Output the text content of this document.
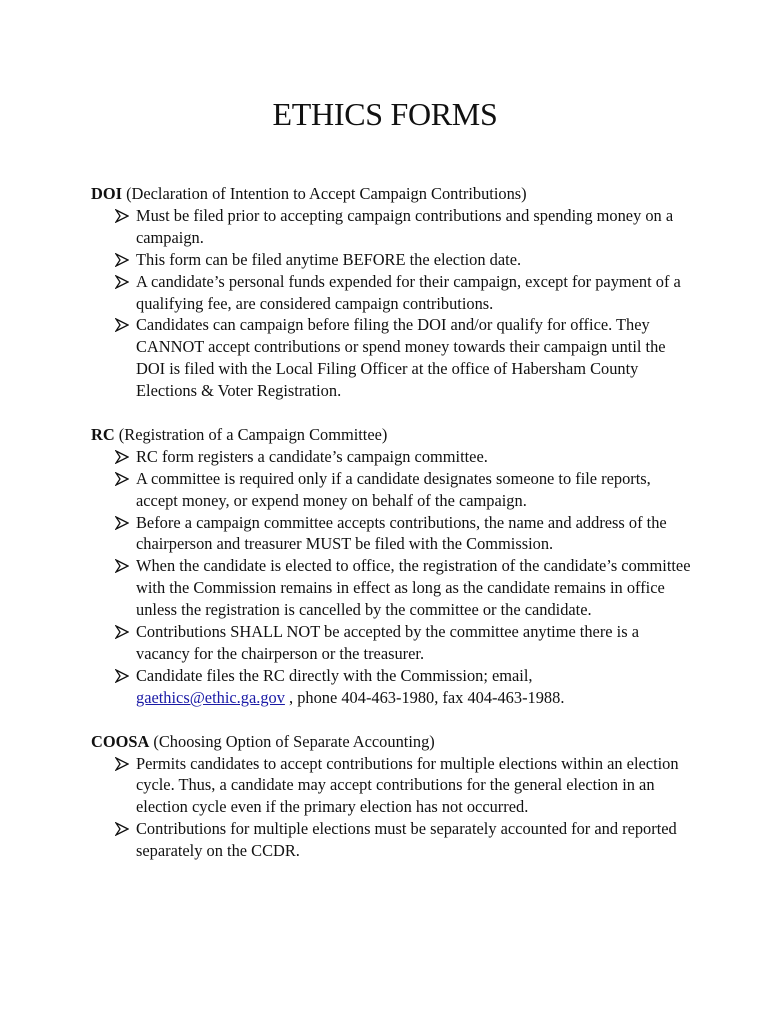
ETHICS FORMS

DOI (Declaration of Intention to Accept Campaign Contributions)

Must be filed prior to accepting campaign contributions and spending money on a campaign.
This form can be filed anytime BEFORE the election date.
A candidate’s personal funds expended for their campaign, except for payment of a qualifying fee, are considered campaign contributions.
Candidates can campaign before filing the DOI and/or qualify for office. They CANNOT accept contributions or spend money towards their campaign until the DOI is filed with the Local Filing Officer at the office of Habersham County Elections & Voter Registration.

RC (Registration of a Campaign Committee)

RC form registers a candidate’s campaign committee.
A committee is required only if a candidate designates someone to file reports, accept money, or expend money on behalf of the campaign.
Before a campaign committee accepts contributions, the name and address of the chairperson and treasurer MUST be filed with the Commission.
When the candidate is elected to office, the registration of the candidate’s committee with the Commission remains in effect as long as the candidate remains in office unless the registration is cancelled by the committee or the candidate.
Contributions SHALL NOT be accepted by the committee anytime there is a vacancy for the chairperson or the treasurer.
Candidate files the RC directly with the Commission; email,
gaethics@ethic.ga.gov , phone 404-463-1980, fax 404-463-1988.

COOSA (Choosing Option of Separate Accounting)

Permits candidates to accept contributions for multiple elections within an election cycle. Thus, a candidate may accept contributions for the general election in an election cycle even if the primary election has not occurred.
Contributions for multiple elections must be separately accounted for and reported separately on the CCDR.
